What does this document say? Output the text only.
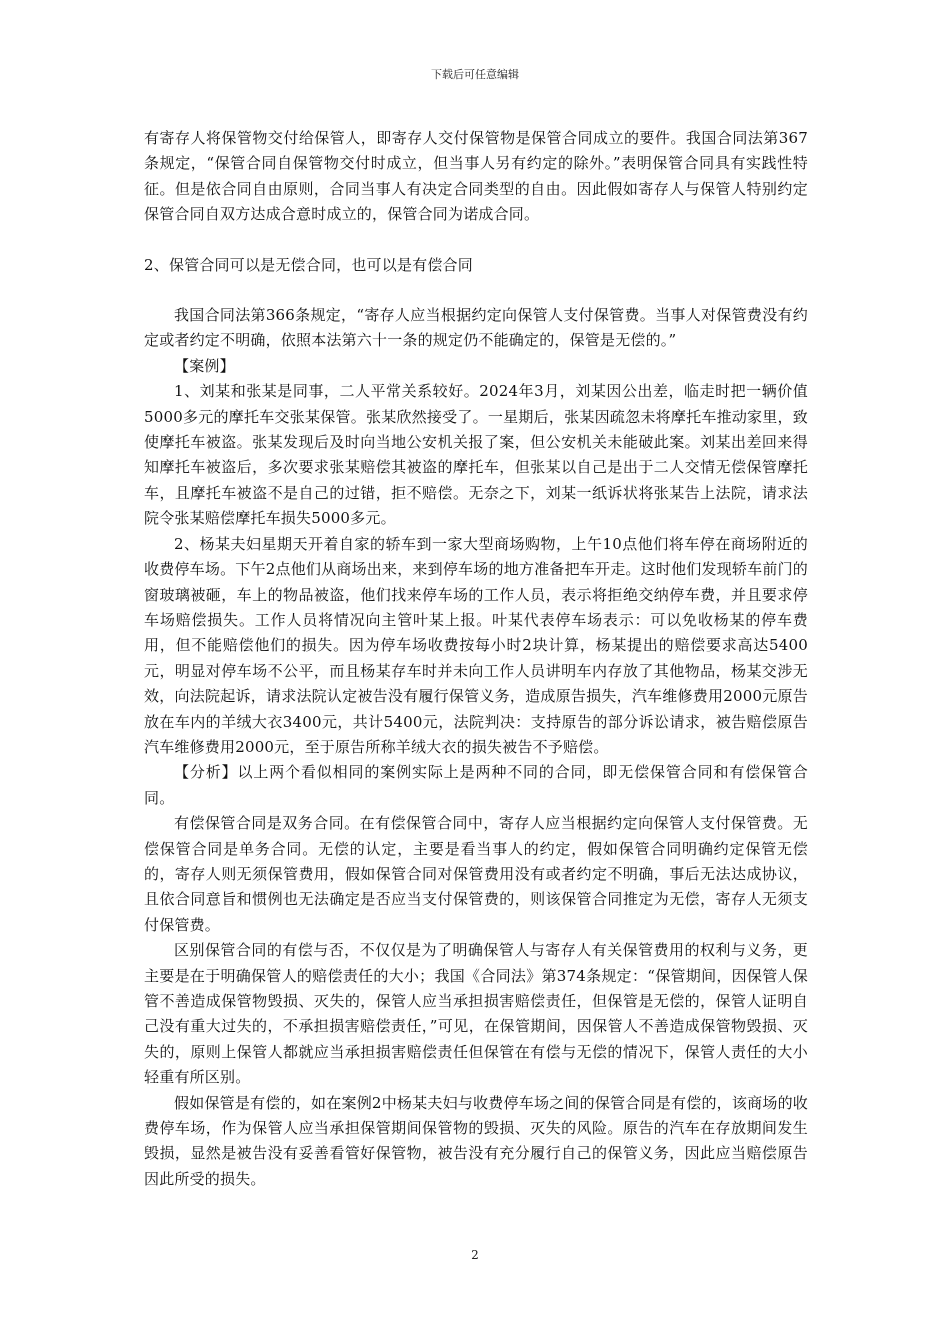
下载后可任意编辑

有寄存人将保管物交付给保管人，即寄存人交付保管物是保管合同成立的要件。我国合同法第367条规定，“保管合同自保管物交付时成立，但当事人另有约定的除外。”表明保管合同具有实践性特征。但是依合同自由原则，合同当事人有决定合同类型的自由。因此假如寄存人与保管人特别约定保管合同自双方达成合意时成立的，保管合同为诺成合同。

2、保管合同可以是无偿合同，也可以是有偿合同

我国合同法第366条规定，“寄存人应当根据约定向保管人支付保管费。当事人对保管费没有约定或者约定不明确，依照本法第六十一条的规定仍不能确定的，保管是无偿的。”

【案例】

1、刘某和张某是同事，二人平常关系较好。2024年3月，刘某因公出差，临走时把一辆价值5000多元的摩托车交张某保管。张某欣然接受了。一星期后，张某因疏忽未将摩托车推动家里，致使摩托车被盗。张某发现后及时向当地公安机关报了案，但公安机关未能破此案。刘某出差回来得知摩托车被盗后，多次要求张某赔偿其被盗的摩托车，但张某以自己是出于二人交情无偿保管摩托车，且摩托车被盗不是自己的过错，拒不赔偿。无奈之下，刘某一纸诉状将张某告上法院，请求法院令张某赔偿摩托车损失5000多元。

2、杨某夫妇星期天开着自家的轿车到一家大型商场购物，上午10点他们将车停在商场附近的收费停车场。下午2点他们从商场出来，来到停车场的地方准备把车开走。这时他们发现轿车前门的窗玻璃被砸，车上的物品被盗，他们找来停车场的工作人员，表示将拒绝交纳停车费，并且要求停车场赔偿损失。工作人员将情况向主管叶某上报。叶某代表停车场表示：可以免收杨某的停车费用，但不能赔偿他们的损失。因为停车场收费按每小时2块计算，杨某提出的赔偿要求高达5400元，明显对停车场不公平，而且杨某存车时并未向工作人员讲明车内存放了其他物品，杨某交涉无效，向法院起诉，请求法院认定被告没有履行保管义务，造成原告损失，汽车维修费用2000元原告放在车内的羊绒大衣3400元，共计5400元，法院判决：支持原告的部分诉讼请求，被告赔偿原告汽车维修费用2000元，至于原告所称羊绒大衣的损失被告不予赔偿。

【分析】以上两个看似相同的案例实际上是两种不同的合同，即无偿保管合同和有偿保管合同。

有偿保管合同是双务合同。在有偿保管合同中，寄存人应当根据约定向保管人支付保管费。无偿保管合同是单务合同。无偿的认定，主要是看当事人的约定，假如保管合同明确约定保管无偿的，寄存人则无须保管费用，假如保管合同对保管费用没有或者约定不明确，事后无法达成协议，且依合同意旨和惯例也无法确定是否应当支付保管费的，则该保管合同推定为无偿，寄存人无须支付保管费。

区别保管合同的有偿与否，不仅仅是为了明确保管人与寄存人有关保管费用的权利与义务，更主要是在于明确保管人的赔偿责任的大小；我国《合同法》第374条规定：“保管期间，因保管人保管不善造成保管物毁损、灭失的，保管人应当承担损害赔偿责任，但保管是无偿的，保管人证明自己没有重大过失的，不承担损害赔偿责任，”可见，在保管期间，因保管人不善造成保管物毁损、灭失的，原则上保管人都就应当承担损害赔偿责任但保管在有偿与无偿的情况下，保管人责任的大小轻重有所区别。

假如保管是有偿的，如在案例2中杨某夫妇与收费停车场之间的保管合同是有偿的，该商场的收费停车场，作为保管人应当承担保管期间保管物的毁损、灭失的风险。原告的汽车在存放期间发生毁损，显然是被告没有妥善看管好保管物，被告没有充分履行自己的保管义务，因此应当赔偿原告因此所受的损失。

2
